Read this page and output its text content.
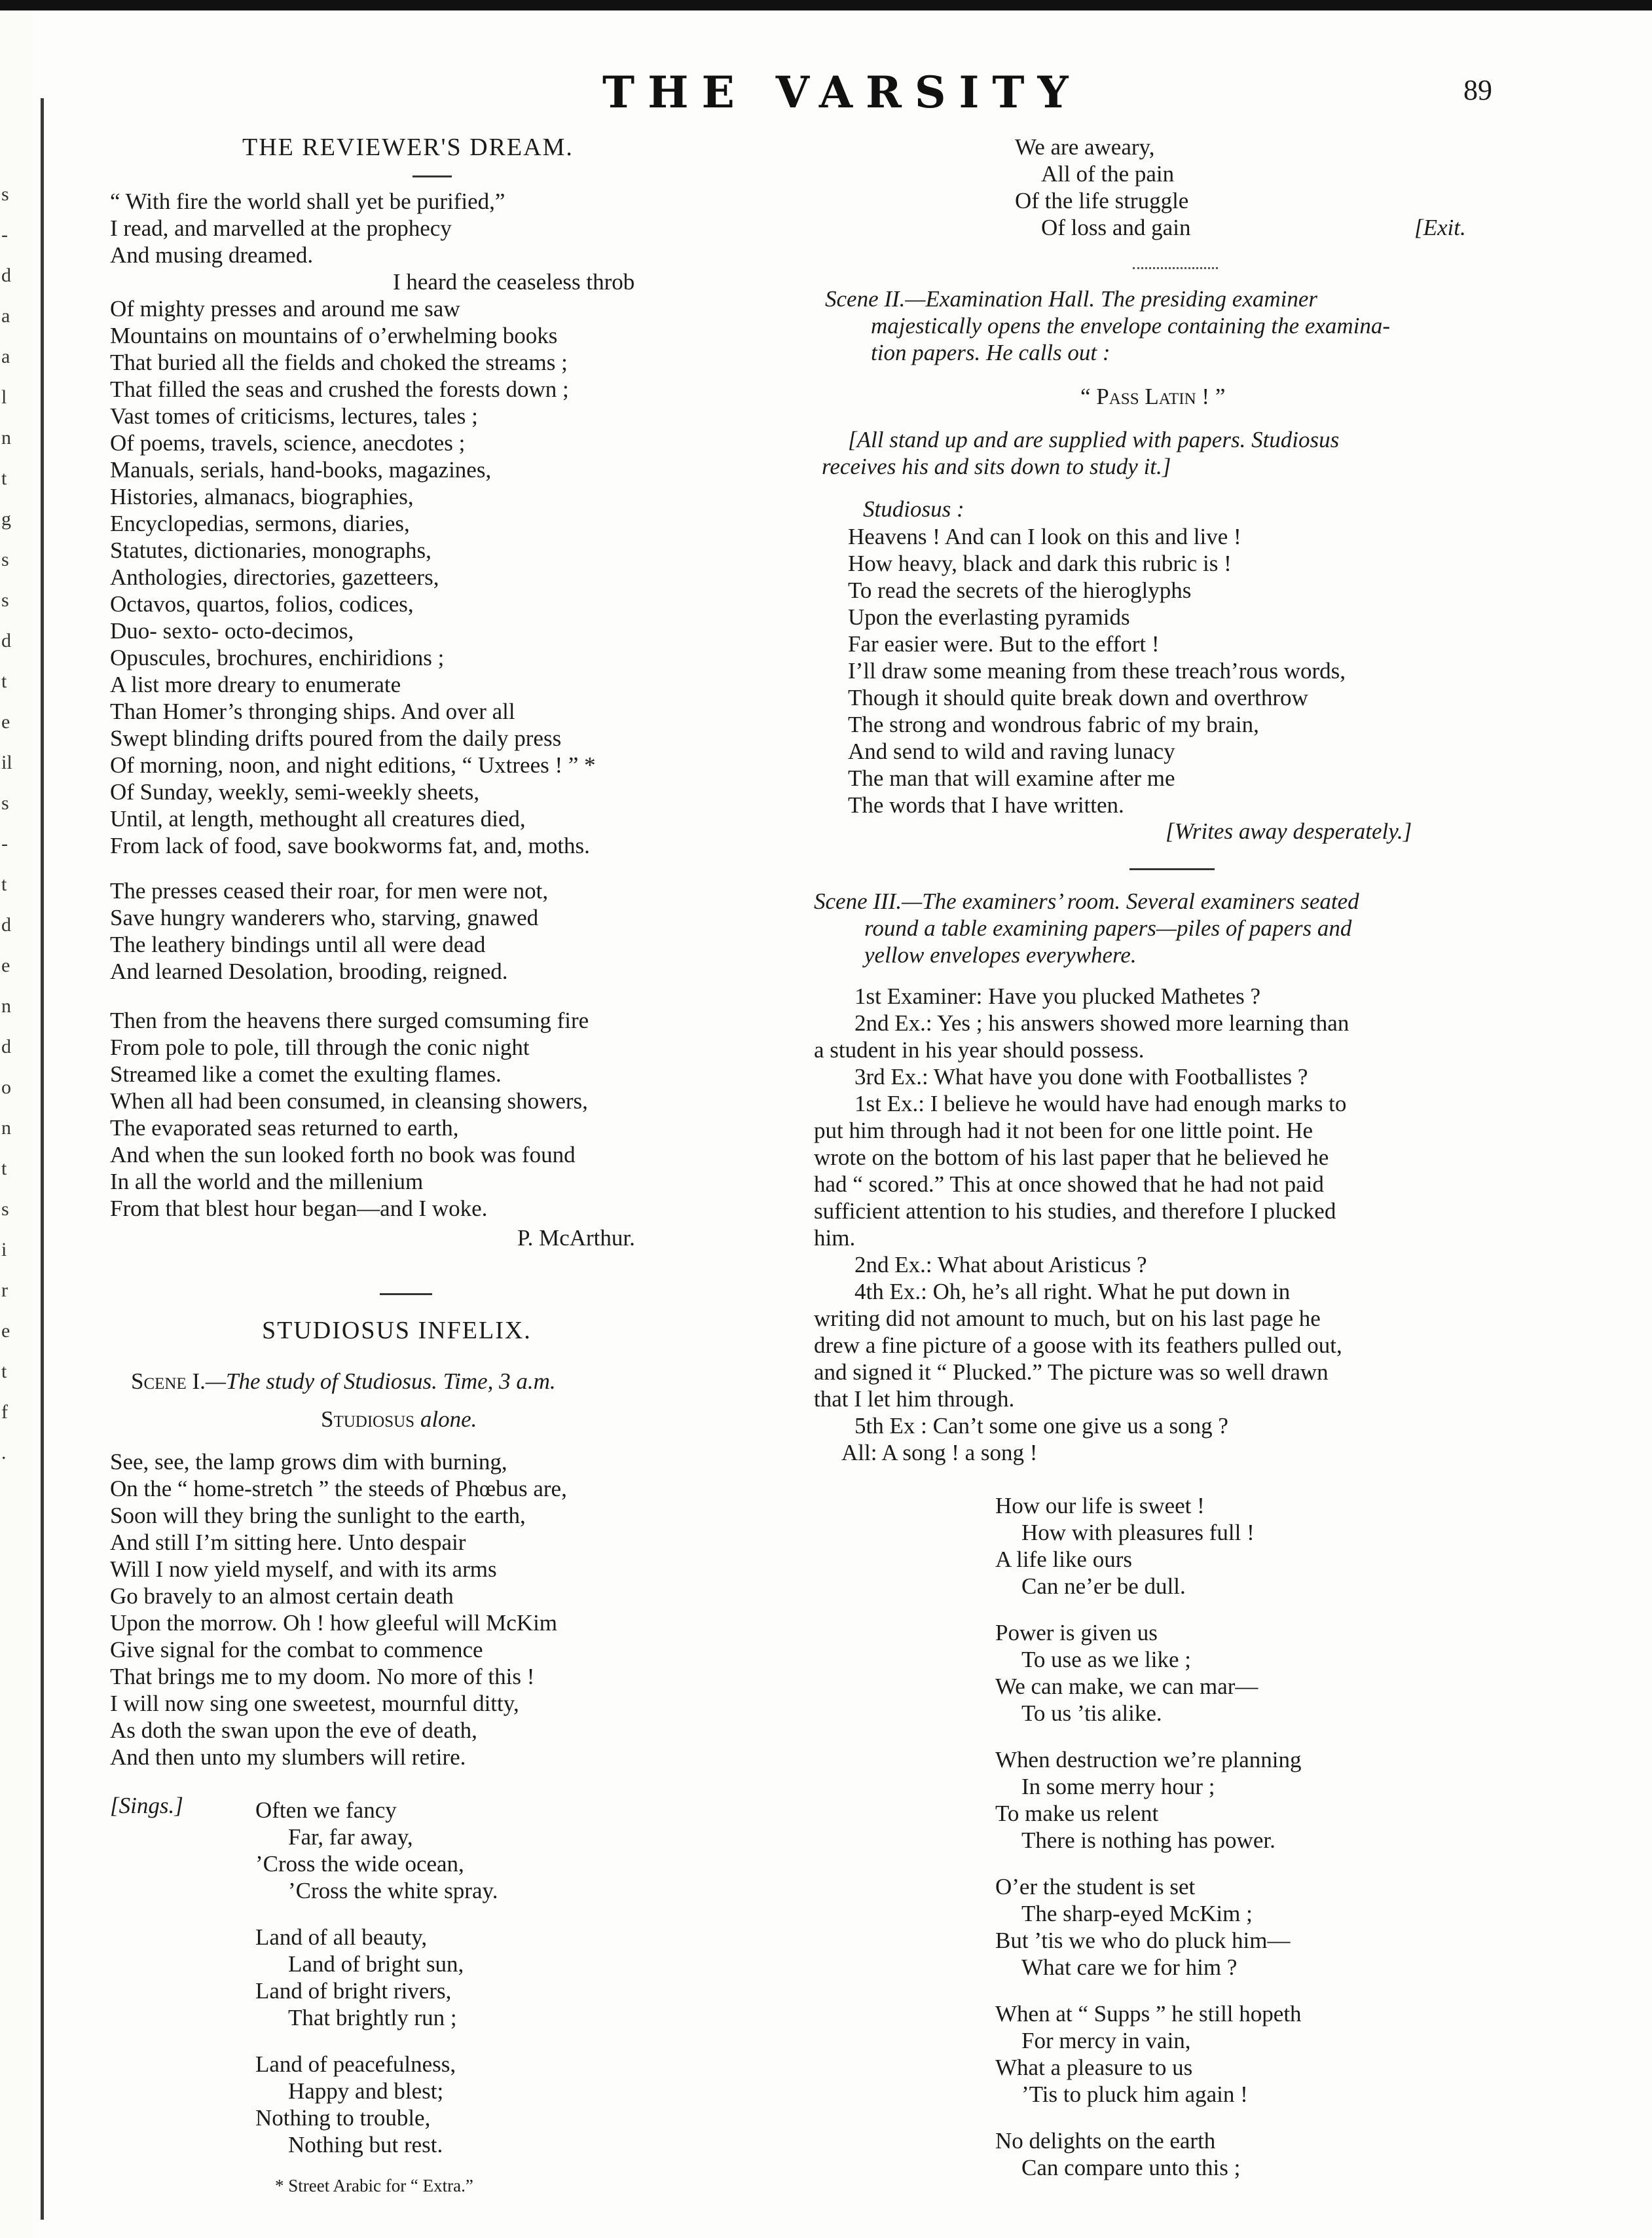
s
-
d
a
a
l
n
t
g
s
s
d
t
e
il
s
-
t
d
e
n
d
o
n
t
s
i
r
e
t
f
.
THE VARSITY	89
THE REVIEWER'S DREAM.
“ With fire the world shall yet be purified,”
I read, and marvelled at the prophecy
And musing dreamed.
I heard the ceaseless throb
Of mighty presses and around me saw
Mountains on mountains of o’erwhelming books
That buried all the fields and choked the streams ;
That filled the seas and crushed the forests down ;
Vast tomes of criticisms, lectures, tales ;
Of poems, travels, science, anecdotes ;
Manuals, serials, hand-books, magazines,
Histories, almanacs, biographies,
Encyclopedias, sermons, diaries,
Statutes, dictionaries, monographs,
Anthologies, directories, gazetteers,
Octavos, quartos, folios, codices,
Duo- sexto- octo-decimos,
Opuscules, brochures, enchiridions ;
A list more dreary to enumerate
Than Homer’s thronging ships. And over all
Swept blinding drifts poured from the daily press
Of morning, noon, and night editions, “ Uxtrees ! ” *
Of Sunday, weekly, semi-weekly sheets,
Until, at length, methought all creatures died,
From lack of food, save bookworms fat, and, moths.
The presses ceased their roar, for men were not,
Save hungry wanderers who, starving, gnawed
The leathery bindings until all were dead
And learned Desolation, brooding, reigned.
Then from the heavens there surged comsuming fire
From pole to pole, till through the conic night
Streamed like a comet the exulting flames.
When all had been consumed, in cleansing showers,
The evaporated seas returned to earth,
And when the sun looked forth no book was found
In all the world and the millenium
From that blest hour began—and I woke.
P. McArthur.
STUDIOSUS INFELIX.
Scene I.—The study of Studiosus. Time, 3 a.m.
Studiosus alone.
See, see, the lamp grows dim with burning,
On the “ home-stretch ” the steeds of Phœbus are,
Soon will they bring the sunlight to the earth,
And still I’m sitting here. Unto despair
Will I now yield myself, and with its arms
Go bravely to an almost certain death
Upon the morrow. Oh ! how gleeful will McKim
Give signal for the combat to commence
That brings me to my doom. No more of this !
I will now sing one sweetest, mournful ditty,
As doth the swan upon the eve of death,
And then unto my slumbers will retire.
[Sings.]	Often we fancy
Far, far away,
’Cross the wide ocean,
’Cross the white spray.
Land of all beauty,
Land of bright sun,
Land of bright rivers,
That brightly run ;
Land of peacefulness,
Happy and blest;
Nothing to trouble,
Nothing but rest.
* Street Arabic for “ Extra.”
We are aweary,
All of the pain
Of the life struggle
Of loss and gain	[Exit.
Scene II.—Examination Hall. The presiding examiner
majestically opens the envelope containing the examina-
tion papers. He calls out :
“ Pass Latin ! ”
[All stand up and are supplied with papers. Studiosus
receives his and sits down to study it.]
Studiosus :
Heavens ! And can I look on this and live !
How heavy, black and dark this rubric is !
To read the secrets of the hieroglyphs
Upon the everlasting pyramids
Far easier were. But to the effort !
I’ll draw some meaning from these treach’rous words,
Though it should quite break down and overthrow
The strong and wondrous fabric of my brain,
And send to wild and raving lunacy
The man that will examine after me
The words that I have written.
[Writes away desperately.]
Scene III.—The examiners’ room. Several examiners seated
round a table examining papers—piles of papers and
yellow envelopes everywhere.
1st Examiner: Have you plucked Mathetes ?
2nd Ex.: Yes ; his answers showed more learning than
a student in his year should possess.
3rd Ex.: What have you done with Footballistes ?
1st Ex.: I believe he would have had enough marks to
put him through had it not been for one little point. He
wrote on the bottom of his last paper that he believed he
had “ scored.” This at once showed that he had not paid
sufficient attention to his studies, and therefore I plucked
him.
2nd Ex.: What about Aristicus ?
4th Ex.: Oh, he’s all right. What he put down in
writing did not amount to much, but on his last page he
drew a fine picture of a goose with its feathers pulled out,
and signed it “ Plucked.” The picture was so well drawn
that I let him through.
5th Ex : Can’t some one give us a song ?
All: A song ! a song !
How our life is sweet !
How with pleasures full !
A life like ours
Can ne’er be dull.
Power is given us
To use as we like ;
We can make, we can mar—
To us ’tis alike.
When destruction we’re planning
In some merry hour ;
To make us relent
There is nothing has power.
O’er the student is set
The sharp-eyed McKim ;
But ’tis we who do pluck him—
What care we for him ?
When at “ Supps ” he still hopeth
For mercy in vain,
What a pleasure to us
’Tis to pluck him again !
No delights on the earth
Can compare unto this ;
